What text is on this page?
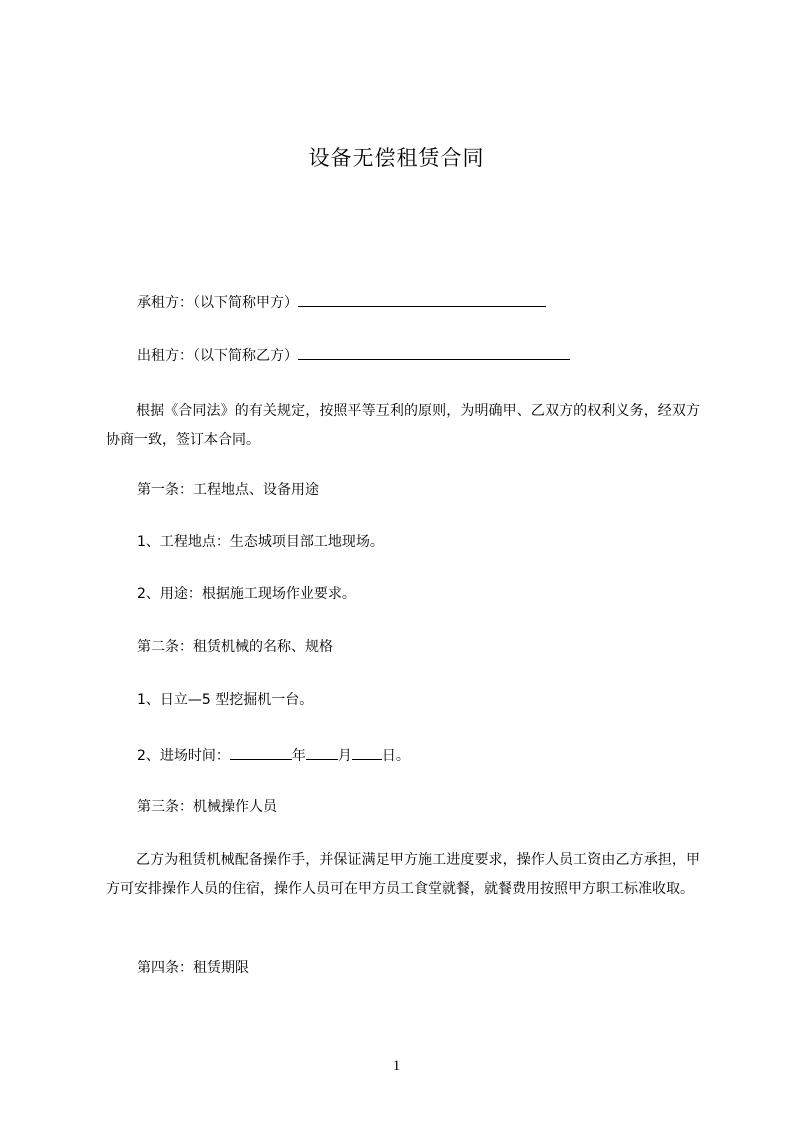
设备无偿租赁合同
承租方：（以下简称甲方）
出租方：（以下简称乙方）
根据《合同法》的有关规定，按照平等互利的原则，为明确甲、乙双方的权利义务，经双方协商一致，签订本合同。
第一条：工程地点、设备用途
1、工程地点：生态城项目部工地现场。
2、用途：根据施工现场作业要求。
第二条：租赁机械的名称、规格
1、日立—5 型挖掘机一台。
2、进场时间：	年 月 日。
第三条：机械操作人员
乙方为租赁机械配备操作手，并保证满足甲方施工进度要求，操作人员工资由乙方承担，甲方可安排操作人员的住宿，操作人员可在甲方员工食堂就餐，就餐费用按照甲方职工标准收取。
第四条：租赁期限
1
